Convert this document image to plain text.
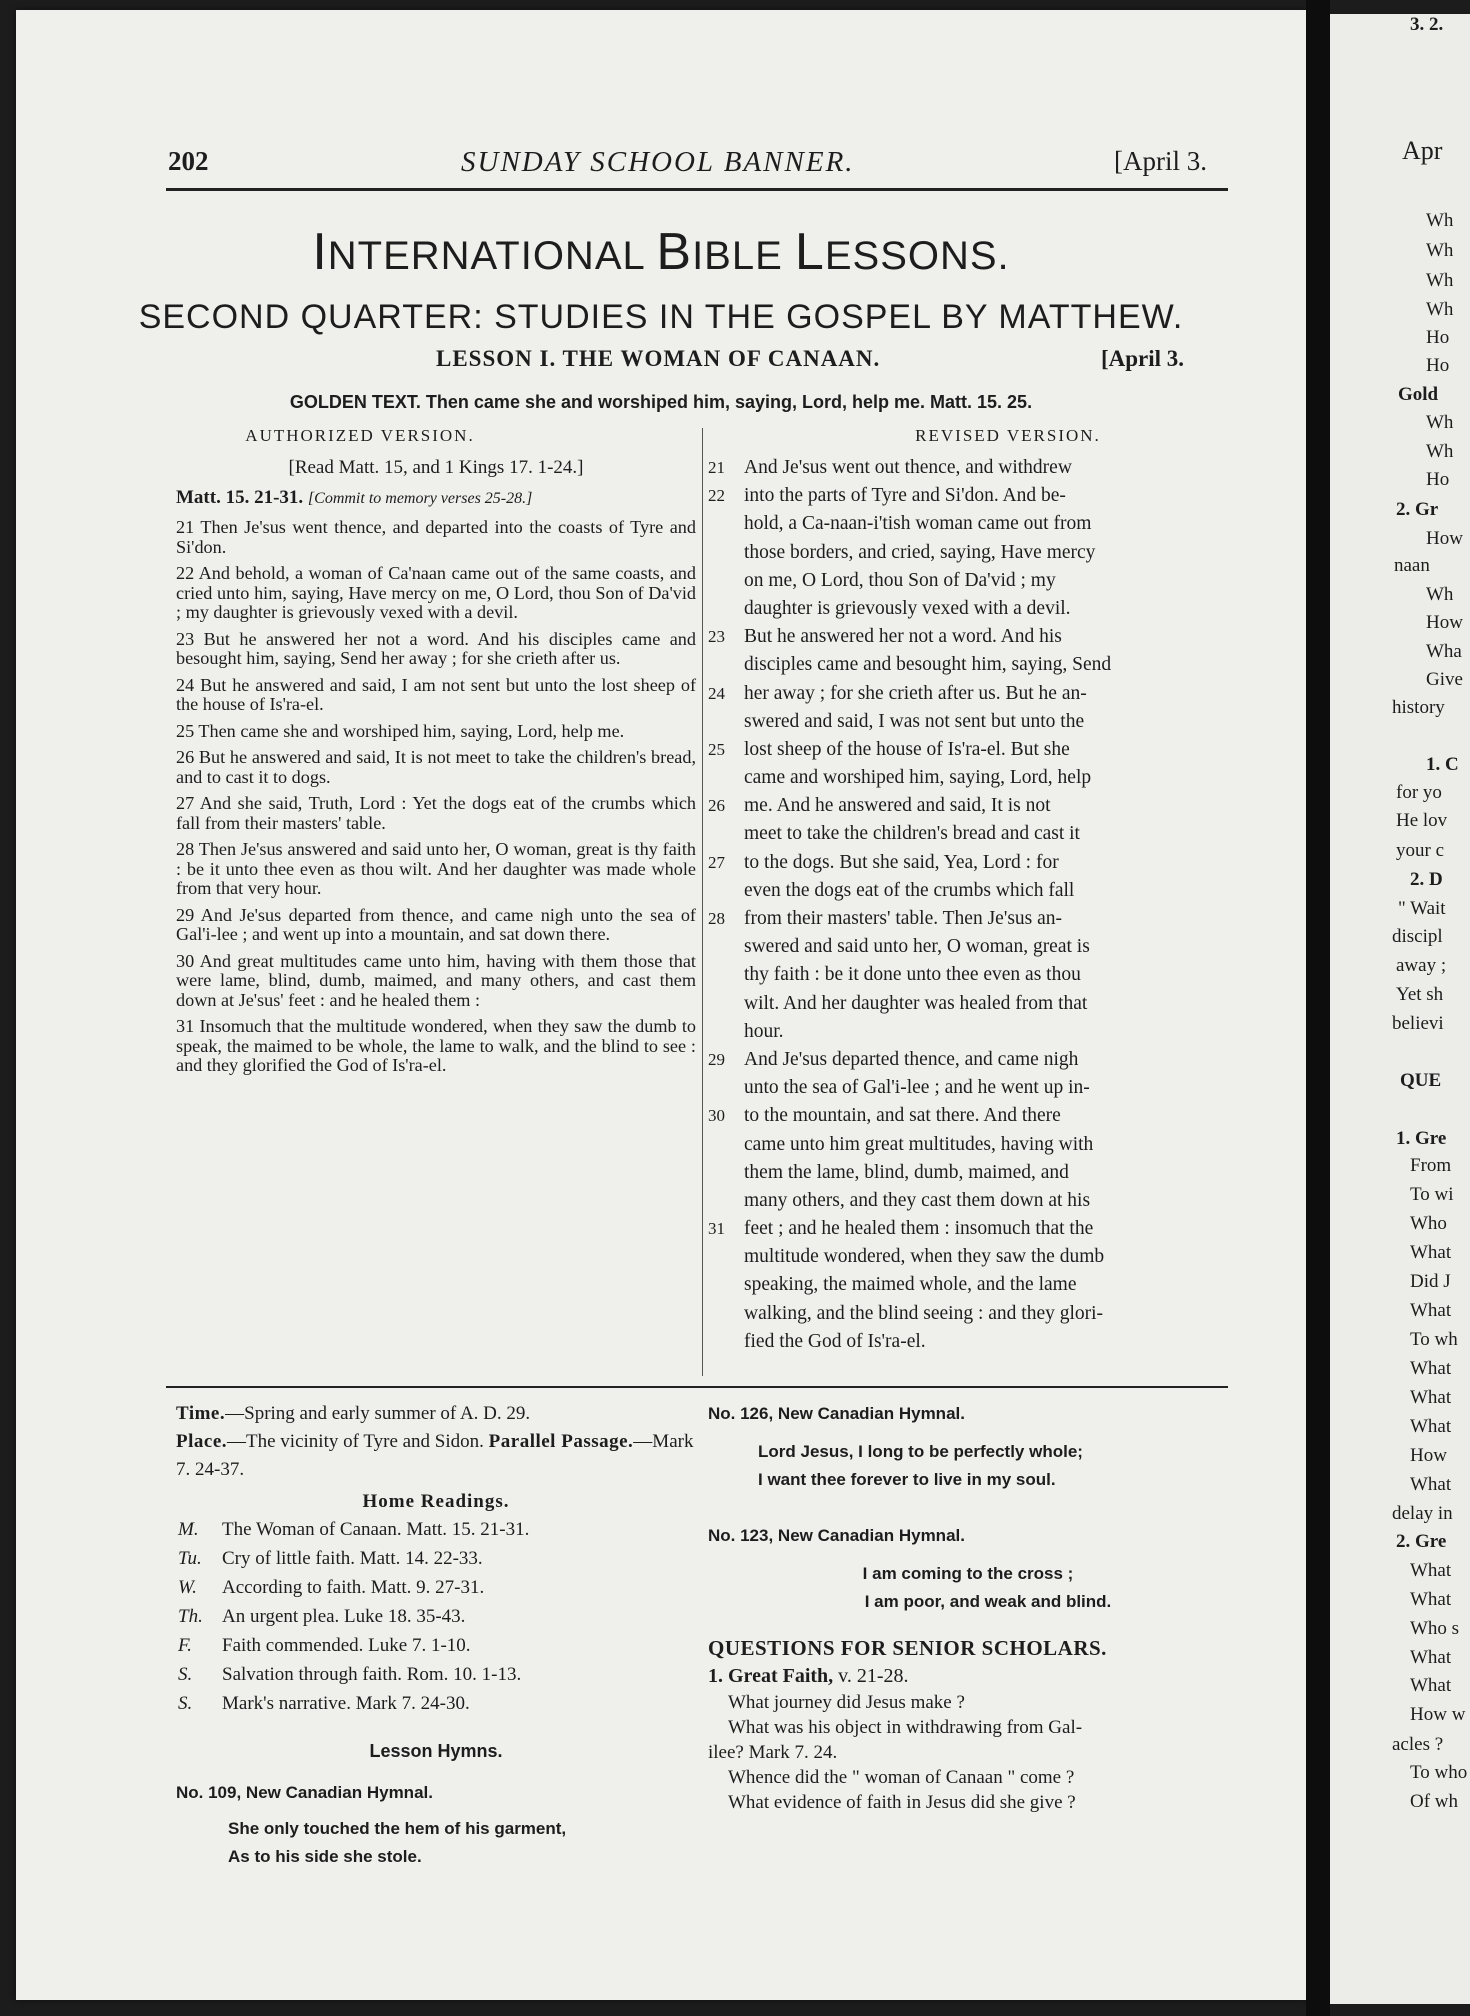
202	SUNDAY SCHOOL BANNER.	[April 3.
INTERNATIONAL BIBLE LESSONS.
SECOND QUARTER: STUDIES IN THE GOSPEL BY MATTHEW.
LESSON I. THE WOMAN OF CANAAN.	[April 3.
GOLDEN TEXT. Then came she and worshiped him, saying, Lord, help me. Matt. 15. 25.
AUTHORIZED VERSION.	REVISED VERSION.

[Read Matt. 15, and 1 Kings 17. 1-24.]

Matt. 15. 21-31. [Commit to memory verses 25-28.]

21 Then Je'sus went thence, and departed into the coasts of Tyre and Si'don.

22 And behold, a woman of Ca'naan came out of the same coasts, and cried unto him, saying, Have mercy on me, O Lord, thou Son of Da'vid ; my daughter is grievously vexed with a devil.

23 But he answered her not a word. And his disciples came and besought him, saying, Send her away ; for she crieth after us.

24 But he answered and said, I am not sent but unto the lost sheep of the house of Is'ra-el.

25 Then came she and worshiped him, saying, Lord, help me.

26 But he answered and said, It is not meet to take the children's bread, and to cast it to dogs.

27 And she said, Truth, Lord : Yet the dogs eat of the crumbs which fall from their masters' table.

28 Then Je'sus answered and said unto her, O woman, great is thy faith : be it unto thee even as thou wilt. And her daughter was made whole from that very hour.

29 And Je'sus departed from thence, and came nigh unto the sea of Gal'i-lee ; and went up into a mountain, and sat down there.

30 And great multitudes came unto him, having with them those that were lame, blind, dumb, maimed, and many others, and cast them down at Je'sus' feet : and he healed them :

31 Insomuch that the multitude wondered, when they saw the dumb to speak, the maimed to be whole, the lame to walk, and the blind to see : and they glorified the God of Is'ra-el.

21 And Je'sus went out thence, and withdrew
22 into the parts of Tyre and Si'don. And be-
hold, a Ca-naan-i'tish woman came out from
those borders, and cried, saying, Have mercy
on me, O Lord, thou Son of Da'vid ; my
daughter is grievously vexed with a devil.
23 But he answered her not a word. And his
disciples came and besought him, saying, Send
24 her away ; for she crieth after us. But he an-
swered and said, I was not sent but unto the
25 lost sheep of the house of Is'ra-el. But she
came and worshiped him, saying, Lord, help
26 me. And he answered and said, It is not
meet to take the children's bread and cast it
27 to the dogs. But she said, Yea, Lord : for
even the dogs eat of the crumbs which fall
28 from their masters' table. Then Je'sus an-
swered and said unto her, O woman, great is
thy faith : be it done unto thee even as thou
wilt. And her daughter was healed from that
hour.
29 And Je'sus departed thence, and came nigh
unto the sea of Gal'i-lee ; and he went up in-
30 to the mountain, and sat there. And there
came unto him great multitudes, having with
them the lame, blind, dumb, maimed, and
many others, and they cast them down at his
31 feet ; and he healed them : insomuch that the
multitude wondered, when they saw the dumb
speaking, the maimed whole, and the lame
walking, and the blind seeing : and they glori-
fied the God of Is'ra-el.
Time.—Spring and early summer of A. D. 29.
Place.—The vicinity of Tyre and Sidon. Parallel Passage.—Mark 7. 24-37.
Home Readings.
M. The Woman of Canaan. Matt. 15. 21-31.
Tu. Cry of little faith. Matt. 14. 22-33.
W. According to faith. Matt. 9. 27-31.
Th. An urgent plea. Luke 18. 35-43.
F. Faith commended. Luke 7. 1-10.
S. Salvation through faith. Rom. 10. 1-13.
S. Mark's narrative. Mark 7. 24-30.
Lesson Hymns.
No. 109, New Canadian Hymnal.
She only touched the hem of his garment,
As to his side she stole.
No. 126, New Canadian Hymnal.
Lord Jesus, I long to be perfectly whole;
I want thee forever to live in my soul.
No. 123, New Canadian Hymnal.
I am coming to the cross ;
I am poor, and weak and blind.
QUESTIONS FOR SENIOR SCHOLARS.
1. Great Faith, v. 21-28.
What journey did Jesus make ?
What was his object in withdrawing from Gal-
ilee? Mark 7. 24.
Whence did the " woman of Canaan " come ?
What evidence of faith in Jesus did she give ?
Apr
Wh
Wh
Wh
Wh
Ho
Ho
Gold
Wh
Wh
Ho
2. Gr
How
naan
Wh
How
Wha
Give
history
1. C
for yo
He lov
your c
2. D
" Wait
discipl
away ;
Yet sh
believi
QUE
1. Gre
From
To wi
Who
What
Did J
What
To wh
What
What
What
How
What
delay in
2. Gre
What
What
Who s
What
What
How w
acles ?
To who
Of wh
3. 2.
